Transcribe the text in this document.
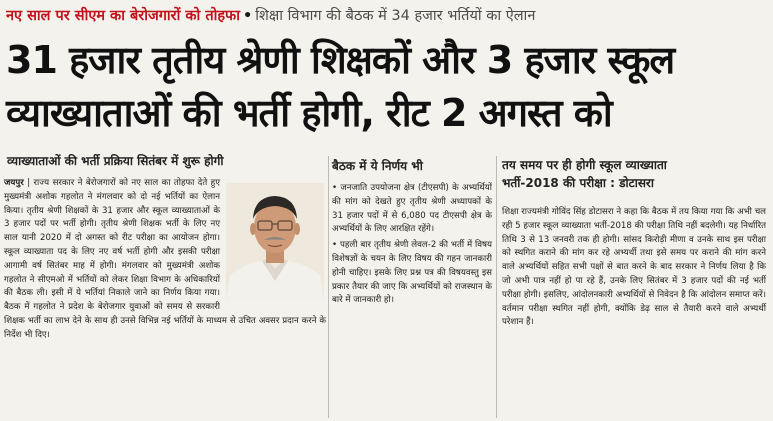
नए साल पर सीएम का बेरोजगारों को तोहफा • शिक्षा विभाग की बैठक में 34 हजार भर्तियों का ऐलान
31 हजार तृतीय श्रेणी शिक्षकों और 3 हजार स्कूल
व्याख्याताओं की भर्ती होगी, रीट 2 अगस्त को
व्याख्याताओं की भर्ती प्रक्रिया सितंबर में शुरू होगी
जयपुर | राज्य सरकार ने बेरोजगारों को नए साल का तोहफा देते हुए मुख्यमंत्री अशोक गहलोत ने मंगलवार को दो नई भर्तियों का ऐलान किया। तृतीय श्रेणी शिक्षकों के 31 हजार और स्कूल व्याख्याताओं के 3 हजार पदों पर भर्ती होगी। तृतीय श्रेणी शिक्षक भर्ती के लिए नए साल यानी 2020 में दो अगस्त को रीट परीक्षा का आयोजन होगा। स्कूल व्याख्याता पद के लिए नए वर्ष भर्ती होगी और इसकी परीक्षा आगामी वर्ष सितंबर माह में होगी। मंगलवार को मुख्यमंत्री अशोक गहलोत ने सीएमओ में भर्तियों को लेकर शिक्षा विभाग के अधिकारियों की बैठक ली। इसी में ये भर्तियां निकाले जाने का निर्णय किया गया। बैठक में गहलोत ने प्रदेश के बेरोजगार युवाओं को समय से सरकारी शिक्षक भर्ती का लाभ देने के साथ ही उनसे विभिन्न नई भर्तियों के माध्यम से उचित अवसर प्रदान करने के निर्देश भी दिए।
बैठक में ये निर्णय भी

• जनजाति उपयोजना क्षेत्र (टीएसपी) के अभ्यर्थियों की मांग को देखते हुए तृतीय श्रेणी अध्यापकों के 31 हजार पदों में से 6,080 पद टीएसपी क्षेत्र के अभ्यर्थियों के लिए आरक्षित रहेंगे।

• पहली बार तृतीय श्रेणी लेवल-2 की भर्ती में विषय विशेषज्ञों के चयन के लिए विषय की गहन जानकारी होनी चाहिए। इसके लिए प्रश्न पत्र की विषयवस्तु इस प्रकार तैयार की जाए कि अभ्यर्थियों को राजस्थान के बारे में जानकारी हो।

तय समय पर ही होगी स्कूल व्याख्याता
भर्ती-2018 की परीक्षा : डोटासरा
शिक्षा राज्यमंत्री गोविंद सिंह डोटासरा ने कहा कि बैठक में तय किया गया कि अभी चल रही 5 हजार स्कूल व्याख्याता भर्ती-2018 की परीक्षा तिथि नहीं बदलेगी। यह निर्धारित तिथि 3 से 13 जनवरी तक ही होगी। सांसद किरोड़ी मीणा व उनके साथ इस परीक्षा को स्थगित कराने की मांग कर रहे अभ्यर्थी तथा इसे समय पर कराने की मांग करने वाले अभ्यर्थियों सहित सभी पक्षों से बात करने के बाद सरकार ने निर्णय लिया है कि जो अभी पात्र नहीं हो पा रहे हैं, उनके लिए सितंबर में 3 हजार पदों की नई भर्ती परीक्षा होगी। इसलिए, आंदोलनकारी अभ्यर्थियों से निवेदन है कि आंदोलन समाप्त करें। वर्तमान परीक्षा स्थगित नहीं होगी, क्योंकि डेढ़ साल से तैयारी करने वाले अभ्यर्थी परेशान हैं।
